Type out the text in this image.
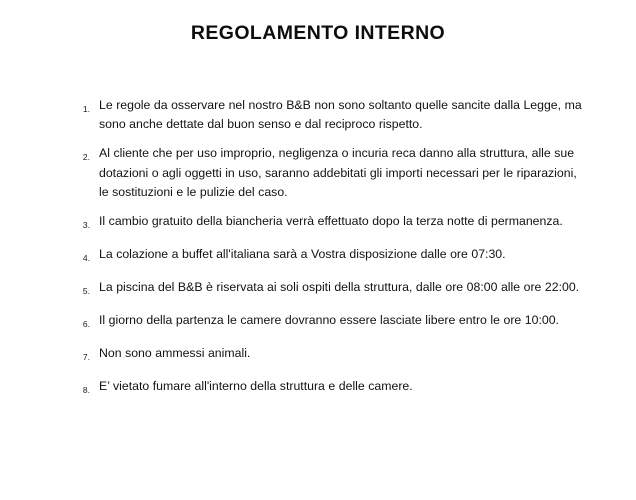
REGOLAMENTO INTERNO
1. Le regole da osservare nel nostro B&B non sono soltanto quelle sancite dalla Legge, ma sono anche dettate dal buon senso e dal reciproco rispetto.
2. Al cliente che per uso improprio, negligenza o incuria reca danno alla struttura, alle sue dotazioni o agli oggetti in uso, saranno addebitati gli importi necessari per le riparazioni, le sostituzioni e le pulizie del caso.
3. Il cambio gratuito della biancheria verrà effettuato dopo la terza notte di permanenza.
4. La colazione a buffet all'italiana sarà a Vostra disposizione dalle ore 07:30.
5. La piscina del B&B è riservata ai soli ospiti della struttura, dalle ore 08:00 alle ore 22:00.
6. Il giorno della partenza le camere dovranno essere lasciate libere entro le ore 10:00.
7. Non sono ammessi animali.
8. E’ vietato fumare all'interno della struttura e delle camere.
